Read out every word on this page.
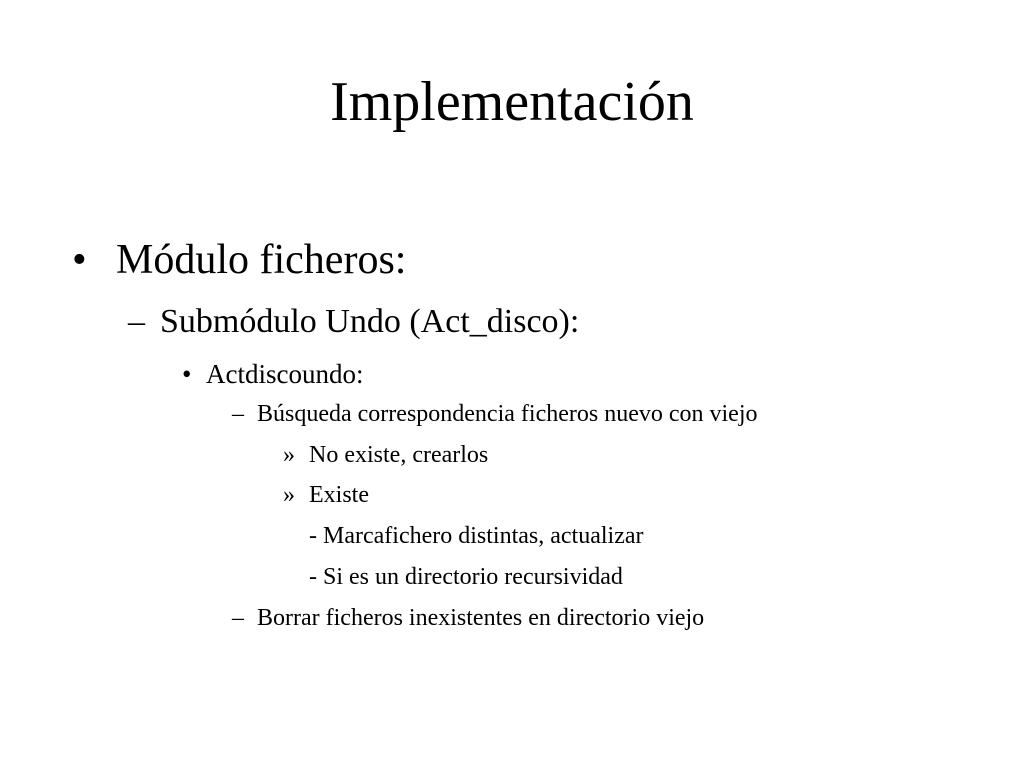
Implementación
• Módulo ficheros:
– Submódulo Undo (Act_disco):
• Actdiscoundo:
– Búsqueda correspondencia ficheros nuevo con viejo
» No existe, crearlos
» Existe
- Marcafichero distintas, actualizar
- Si es un directorio recursividad
– Borrar ficheros inexistentes en directorio viejo
